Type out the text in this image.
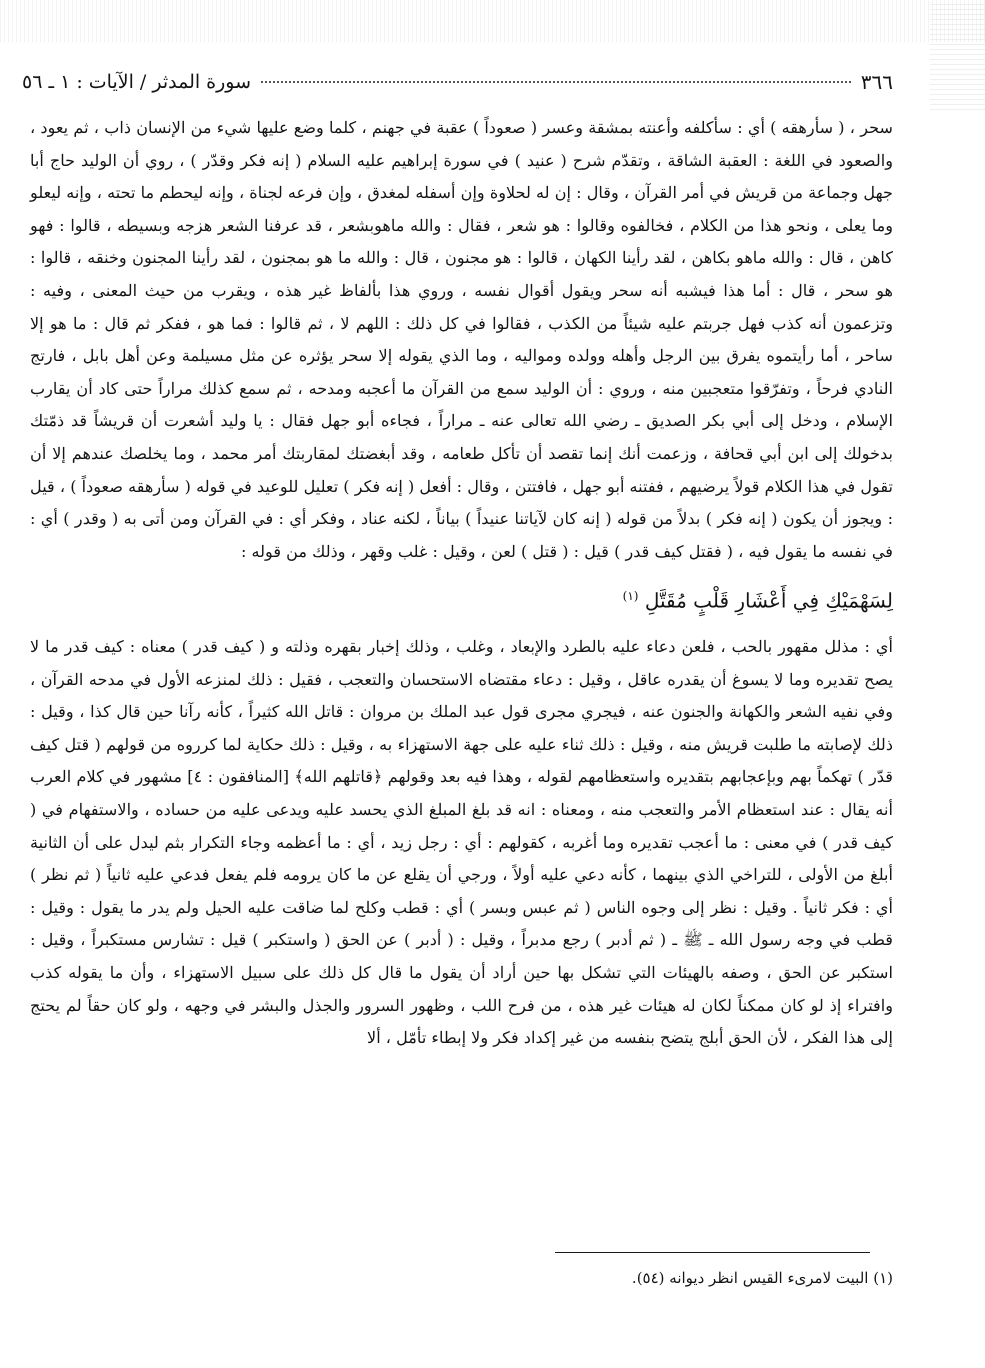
٣٦٦
سورة المدثر / الآيات : ١ ـ ٥٦

سحر ، ( سأرهقه ) أي : سأكلفه وأعنته بمشقة وعسر ( صعوداً ) عقبة في جهنم ، كلما وضع عليها شيء من الإنسان ذاب ، ثم يعود ، والصعود في اللغة : العقبة الشاقة ، وتقدّم شرح ( عنيد ) في سورة إبراهيم عليه السلام ( إنه فكر وقدّر ) ، روي أن الوليد حاج أبا جهل وجماعة من قريش في أمر القرآن ، وقال : إن له لحلاوة وإن أسفله لمغدق ، وإن فرعه لجناة ، وإنه ليحطم ما تحته ، وإنه ليعلو وما يعلى ، ونحو هذا من الكلام ، فخالفوه وقالوا : هو شعر ، فقال : والله ماهوبشعر ، قد عرفنا الشعر هزجه وبسيطه ، قالوا : فهو كاهن ، قال : والله ماهو بكاهن ، لقد رأينا الكهان ، قالوا : هو مجنون ، قال : والله ما هو بمجنون ، لقد رأينا المجنون وخنقه ، قالوا : هو سحر ، قال : أما هذا فيشبه أنه سحر ويقول أقوال نفسه ، وروي هذا بألفاظ غير هذه ، ويقرب من حيث المعنى ، وفيه : وتزعمون أنه كذب فهل جربتم عليه شيئاً من الكذب ، فقالوا في كل ذلك : اللهم لا ، ثم قالوا : فما هو ، ففكر ثم قال : ما هو إلا ساحر ، أما رأيتموه يفرق بين الرجل وأهله وولده ومواليه ، وما الذي يقوله إلا سحر يؤثره عن مثل مسيلمة وعن أهل بابل ، فارتج النادي فرحاً ، وتفرّقوا متعجبين منه ، وروي : أن الوليد سمع من القرآن ما أعجبه ومدحه ، ثم سمع كذلك مراراً حتى كاد أن يقارب الإسلام ، ودخل إلى أبي بكر الصديق ـ رضي الله تعالى عنه ـ مراراً ، فجاءه أبو جهل فقال : يا وليد أشعرت أن قريشاً قد ذمّتك بدخولك إلى ابن أبي قحافة ، وزعمت أنك إنما تقصد أن تأكل طعامه ، وقد أبغضتك لمقاربتك أمر محمد ، وما يخلصك عندهم إلا أن تقول في هذا الكلام قولاً يرضيهم ، ففتنه أبو جهل ، فافتتن ، وقال : أفعل ( إنه فكر ) تعليل للوعيد في قوله ( سأرهقه صعوداً ) ، قيل : ويجوز أن يكون ( إنه فكر ) بدلاً من قوله ( إنه كان لآياتنا عنيداً ) بياناً ، لكنه عناد ، وفكر أي : في القرآن ومن أتى به ( وقدر ) أي : في نفسه ما يقول فيه ، ( فقتل كيف قدر ) قيل : ( قتل ) لعن ، وقيل : غلب وقهر ، وذلك من قوله :

لِسَهْمَيْكِ فِي أَعْشَارِ قَلْبٍ مُقَتَّلِ $^{(١)}$

أي : مذلل مقهور بالحب ، فلعن دعاء عليه بالطرد والإبعاد ، وغلب ، وذلك إخبار بقهره وذلته و ( كيف قدر ) معناه : كيف قدر ما لا يصح تقديره وما لا يسوغ أن يقدره عاقل ، وقيل : دعاء مقتضاه الاستحسان والتعجب ، فقيل : ذلك لمنزعه الأول في مدحه القرآن ، وفي نفيه الشعر والكهانة والجنون عنه ، فيجري مجرى قول عبد الملك بن مروان : قاتل الله كثيراً ، كأنه رآنا حين قال كذا ، وقيل : ذلك لإصابته ما طلبت قريش منه ، وقيل : ذلك ثناء عليه على جهة الاستهزاء به ، وقيل : ذلك حكاية لما كرروه من قولهم ( قتل كيف قدّر ) تهكماً بهم وبإعجابهم بتقديره واستعظامهم لقوله ، وهذا فيه بعد وقولهم ﴿قاتلهم الله﴾ [المنافقون : ٤] مشهور في كلام العرب أنه يقال : عند استعظام الأمر والتعجب منه ، ومعناه : انه قد بلغ المبلغ الذي يحسد عليه ويدعى عليه من حساده ، والاستفهام في ( كيف قدر ) في معنى : ما أعجب تقديره وما أغربه ، كقولهم : أي : رجل زيد ، أي : ما أعظمه وجاء التكرار بثم ليدل على أن الثانية أبلغ من الأولى ، للتراخي الذي بينهما ، كأنه دعي عليه أولاً ، ورجي أن يقلع عن ما كان يرومه فلم يفعل فدعي عليه ثانياً ( ثم نظر ) أي : فكر ثانياً . وقيل : نظر إلى وجوه الناس ( ثم عبس وبسر ) أي : قطب وكلح لما ضاقت عليه الحيل ولم يدر ما يقول : وقيل : قطب في وجه رسول الله ـ ﷺ ـ ( ثم أدبر ) رجع مدبراً ، وقيل : ( أدبر ) عن الحق ( واستكبر ) قيل : تشارس مستكبراً ، وقيل : استكبر عن الحق ، وصفه بالهيئات التي تشكل بها حين أراد أن يقول ما قال كل ذلك على سبيل الاستهزاء ، وأن ما يقوله كذب وافتراء إذ لو كان ممكناً لكان له هيئات غير هذه ، من فرح اللب ، وظهور السرور والجذل والبشر في وجهه ، ولو كان حقاً لم يحتج إلى هذا الفكر ، لأن الحق أبلج يتضح بنفسه من غير إكداد فكر ولا إبطاء تأمّل ، ألا

(١) البيت لامرىء القيس انظر ديوانه (٥٤).
